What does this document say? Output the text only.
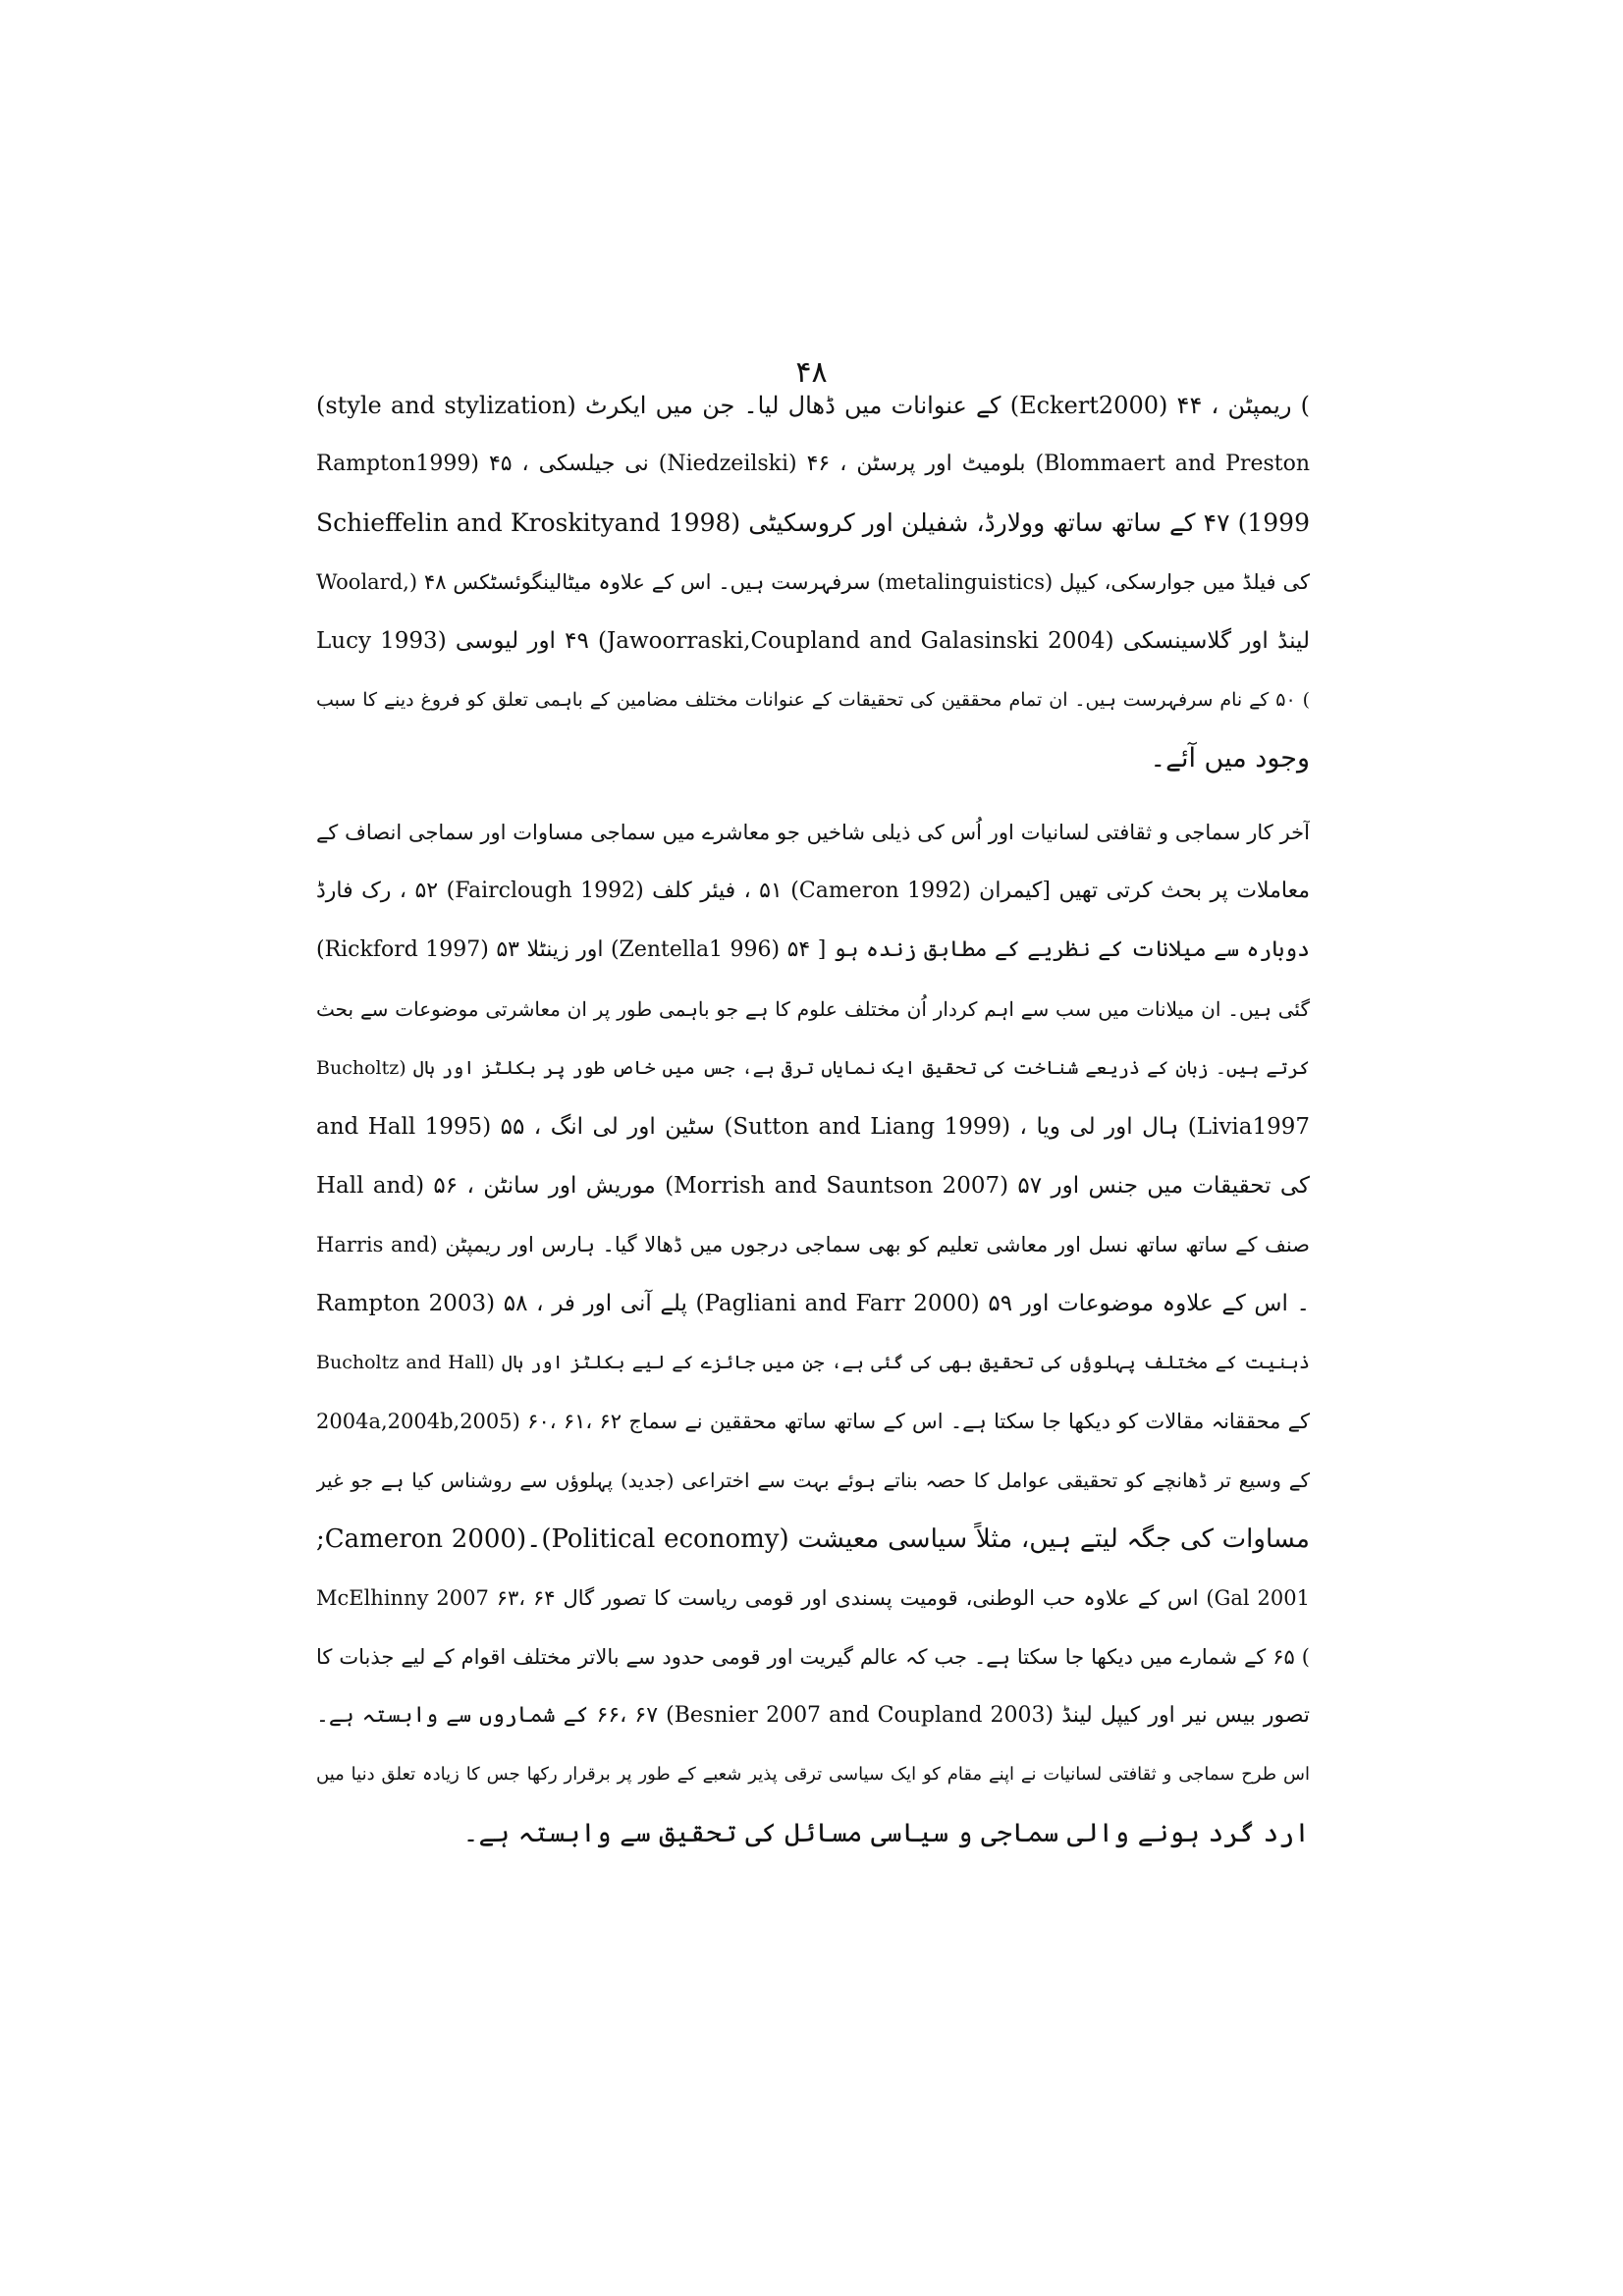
۴۸
(style and stylization) کے عنوانات میں ڈھال لیا۔ جن میں ایکرٹ (Eckert2000) ۴۴ ، ریمپٹن (
Rampton1999) ۴۵ ، نی جیلسکی (Niedzeilski) ۴۶ ، بلومیٹ اور پرسٹن (Blommaert and Preston
1999) ۴۷ کے ساتھ ساتھ وولارڈ، شفیلن اور کروسکیٹی (Schieffelin and Kroskityand 1998
Woolard,) ۴۸ سرفہرست ہیں۔ اس کے علاوہ میٹالینگوئسٹکس (metalinguistics) کی فیلڈ میں جوارسکی، کیپل
لینڈ اور گلاسینسکی (Jawoorraski,Coupland and Galasinski 2004) ۴۹ اور لیوسی (Lucy 1993
) ۵۰ کے نام سرفہرست ہیں۔ ان تمام محققین کی تحقیقات کے عنوانات مختلف مضامین کے باہمی تعلق کو فروغ دینے کا سبب
وجود میں آئے۔
آخر کار سماجی و ثقافتی لسانیات اور اُس کی ذیلی شاخیں جو معاشرے میں سماجی مساوات اور سماجی انصاف کے
معاملات پر بحث کرتی تھیں [کیمران (Cameron 1992) ۵۱ ، فیئر کلف (Fairclough 1992) ۵۲ ، رک فارڈ
(Rickford 1997) ۵۳ اور زینٹلا (Zentella1 996) ۵۴ ] دوبارہ سے میلانات کے نظریے کے مطابق زندہ ہو
گئی ہیں۔ ان میلانات میں سب سے اہم کردار اُن مختلف علوم کا ہے جو باہمی طور پر ان معاشرتی موضوعات سے بحث
کرتے ہیں۔ زبان کے ذریعے شناخت کی تحقیق ایک نمایاں ترقی ہے، جس میں خاص طور پر بکلٹز اور ہال (Bucholtz
and Hall 1995) ۵۵ ، سٹین اور لی انگ (Sutton and Liang 1999) ، ہال اور لی ویا (Livia1997
Hall and) ۵۶ ، موریش اور سانٹن (Morrish and Sauntson 2007) ۵۷ کی تحقیقات میں جنس اور
صنف کے ساتھ ساتھ نسل اور معاشی تعلیم کو بھی سماجی درجوں میں ڈھالا گیا۔ ہارس اور ریمپٹن (Harris and
Rampton 2003) ۵۸ ، پلے آنی اور فر (Pagliani and Farr 2000) ۵۹ ۔ اس کے علاوہ موضوعات اور
ذہنیت کے مختلف پہلوؤں کی تحقیق بھی کی گئی ہے، جن میں جائزے کے لیے بکلٹز اور ہال (Bucholtz and Hall
2004a,2004b,2005) ۶۰، ۶۱، ۶۲ کے محققانہ مقالات کو دیکھا جا سکتا ہے۔ اس کے ساتھ ساتھ محققین نے سماج
کے وسیع تر ڈھانچے کو تحقیقی عوامل کا حصہ بناتے ہوئے بہت سے اختراعی (جدید) پہلوؤں سے روشناس کیا ہے جو غیر
مساوات کی جگہ لیتے ہیں، مثلاً سیاسی معیشت (Political economy)۔(Cameron 2000;
McElhinny 2007 ۶۳، ۶۴ اس کے علاوہ حب الوطنی، قومیت پسندی اور قومی ریاست کا تصور گال (Gal 2001
) ۶۵ کے شمارے میں دیکھا جا سکتا ہے۔ جب کہ عالم گیریت اور قومی حدود سے بالاتر مختلف اقوام کے لیے جذبات کا
تصور بیس نیر اور کیپل لینڈ (Besnier 2007 and Coupland 2003) ۶۶، ۶۷ کے شماروں سے وابستہ ہے۔
اس طرح سماجی و ثقافتی لسانیات نے اپنے مقام کو ایک سیاسی ترقی پذیر شعبے کے طور پر برقرار رکھا جس کا زیادہ تعلق دنیا میں
ارد گرد ہونے والی سماجی و سیاسی مسائل کی تحقیق سے وابستہ ہے۔
